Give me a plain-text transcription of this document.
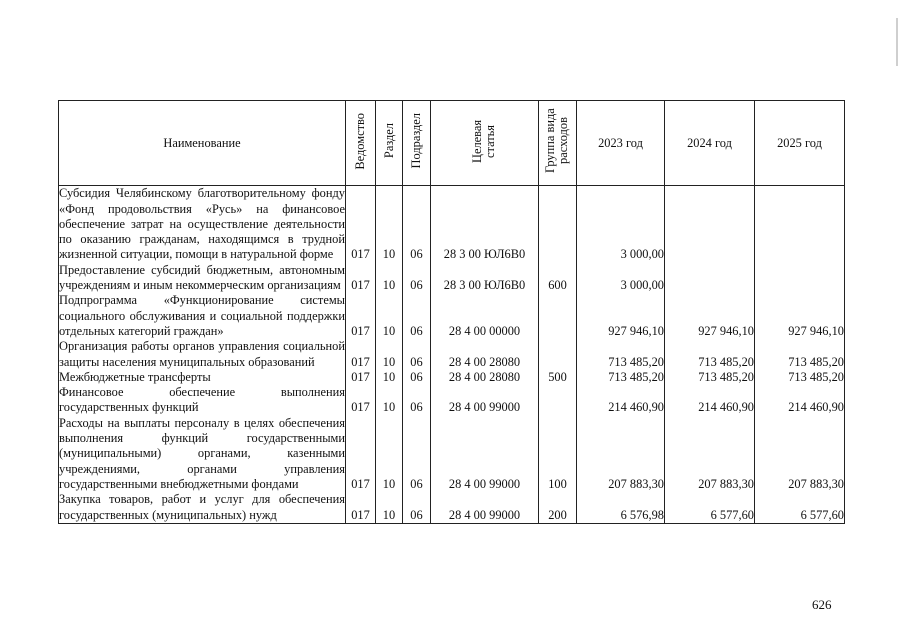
Наименование	Ведомство	Раздел	Подраздел	Целевая статья	Группа вида расходов	2023 год	2024 год	2025 год
Субсидия Челябинскому благотворительному фонду «Фонд продовольствия «Русь» на финансовое обеспечение затрат на осуществление деятельности по оказанию гражданам, находящимся в трудной жизненной ситуации, помощи в натуральной форме	017	10	06	28 3 00 ЮЛ6В0		3 000,00		
Предоставление субсидий бюджетным, автономным учреждениям и иным некоммерческим организациям	017	10	06	28 3 00 ЮЛ6В0	600	3 000,00		
Подпрограмма «Функционирование системы социального обслуживания и социальной поддержки отдельных категорий граждан»	017	10	06	28 4 00 00000		927 946,10	927 946,10	927 946,10
Организация работы органов управления социальной защиты населения муниципальных образований	017	10	06	28 4 00 28080		713 485,20	713 485,20	713 485,20
Межбюджетные трансферты	017	10	06	28 4 00 28080	500	713 485,20	713 485,20	713 485,20
Финансовое обеспечение выполнения государственных функций	017	10	06	28 4 00 99000		214 460,90	214 460,90	214 460,90
Расходы на выплаты персоналу в целях обеспечения выполнения функций государственными (муниципальными) органами, казенными учреждениями, органами управления государственными внебюджетными фондами	017	10	06	28 4 00 99000	100	207 883,30	207 883,30	207 883,30
Закупка товаров, работ и услуг для обеспечения государственных (муниципальных) нужд	017	10	06	28 4 00 99000	200	6 576,98	6 577,60	6 577,60
626
